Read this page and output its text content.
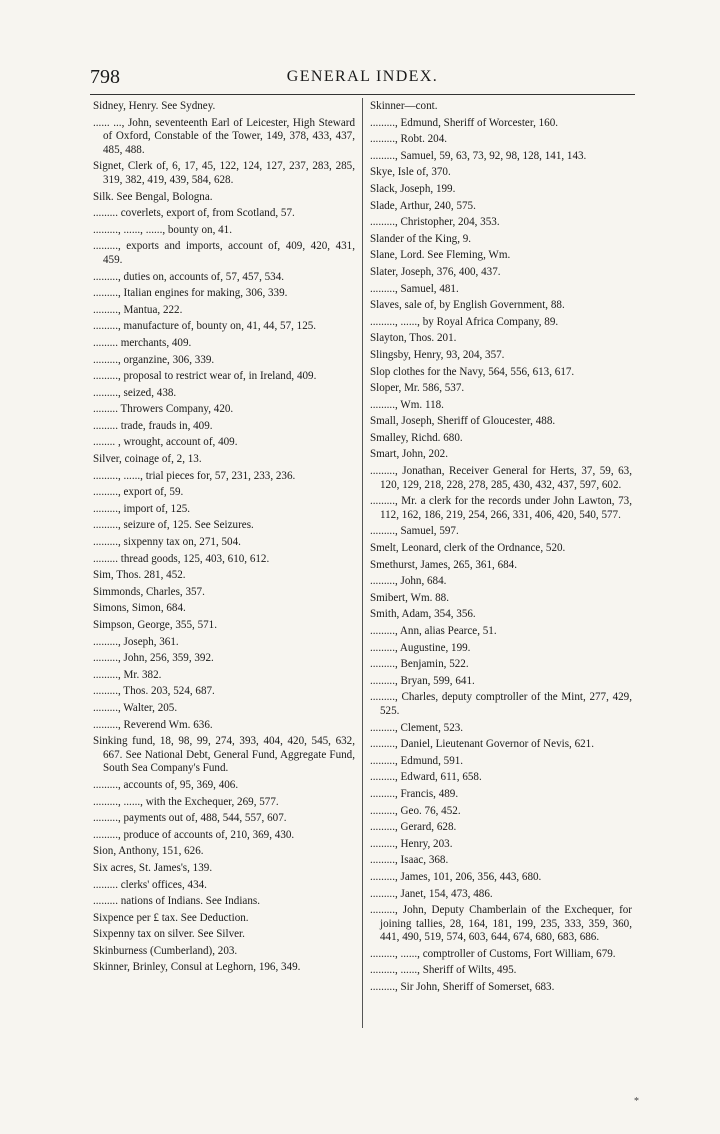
798	GENERAL INDEX.
Sidney, Henry. See Sydney.
...... ..., John, seventeenth Earl of Leicester, High Steward of Oxford, Constable of the Tower, 149, 378, 433, 437, 485, 488.
Signet, Clerk of, 6, 17, 45, 122, 124, 127, 237, 283, 285, 319, 382, 419, 439, 584, 628.
Silk. See Bengal, Bologna.
......... coverlets, export of, from Scotland, 57.
........., ......, ......, bounty on, 41.
........., exports and imports, account of, 409, 420, 431, 459.
........., duties on, accounts of, 57, 457, 534.
........., Italian engines for making, 306, 339.
........., Mantua, 222.
........., manufacture of, bounty on, 41, 44, 57, 125.
......... merchants, 409.
........., organzine, 306, 339.
........., proposal to restrict wear of, in Ireland, 409.
........., seized, 438.
......... Throwers Company, 420.
......... trade, frauds in, 409.
........ , wrought, account of, 409.
Silver, coinage of, 2, 13.
........., ......, trial pieces for, 57, 231, 233, 236.
........., export of, 59.
........., import of, 125.
........., seizure of, 125. See Seizures.
........., sixpenny tax on, 271, 504.
......... thread goods, 125, 403, 610, 612.
Sim, Thos. 281, 452.
Simmonds, Charles, 357.
Simons, Simon, 684.
Simpson, George, 355, 571.
........., Joseph, 361.
........., John, 256, 359, 392.
........., Mr. 382.
........., Thos. 203, 524, 687.
........., Walter, 205.
........., Reverend Wm. 636.
Sinking fund, 18, 98, 99, 274, 393, 404, 420, 545, 632, 667. See National Debt, General Fund, Aggregate Fund, South Sea Company's Fund.
........., accounts of, 95, 369, 406.
........., ......, with the Exchequer, 269, 577.
........., payments out of, 488, 544, 557, 607.
........., produce of accounts of, 210, 369, 430.
Sion, Anthony, 151, 626.
Six acres, St. James's, 139.
......... clerks' offices, 434.
......... nations of Indians. See Indians.
Sixpence per £ tax. See Deduction.
Sixpenny tax on silver. See Silver.
Skinburness (Cumberland), 203.
Skinner, Brinley, Consul at Leghorn, 196, 349.
Skinner—cont.
........., Edmund, Sheriff of Worcester, 160.
........., Robt. 204.
........., Samuel, 59, 63, 73, 92, 98, 128, 141, 143.
Skye, Isle of, 370.
Slack, Joseph, 199.
Slade, Arthur, 240, 575.
........., Christopher, 204, 353.
Slander of the King, 9.
Slane, Lord. See Fleming, Wm.
Slater, Joseph, 376, 400, 437.
........., Samuel, 481.
Slaves, sale of, by English Government, 88.
........., ......, by Royal Africa Company, 89.
Slayton, Thos. 201.
Slingsby, Henry, 93, 204, 357.
Slop clothes for the Navy, 564, 556, 613, 617.
Sloper, Mr. 586, 537.
........., Wm. 118.
Small, Joseph, Sheriff of Gloucester, 488.
Smalley, Richd. 680.
Smart, John, 202.
........., Jonathan, Receiver General for Herts, 37, 59, 63, 120, 129, 218, 228, 278, 285, 430, 432, 437, 597, 602.
........., Mr. a clerk for the records under John Lawton, 73, 112, 162, 186, 219, 254, 266, 331, 406, 420, 540, 577.
........., Samuel, 597.
Smelt, Leonard, clerk of the Ordnance, 520.
Smethurst, James, 265, 361, 684.
........., John, 684.
Smibert, Wm. 88.
Smith, Adam, 354, 356.
........., Ann, alias Pearce, 51.
........., Augustine, 199.
........., Benjamin, 522.
........., Bryan, 599, 641.
........., Charles, deputy comptroller of the Mint, 277, 429, 525.
........., Clement, 523.
........., Daniel, Lieutenant Governor of Nevis, 621.
........., Edmund, 591.
........., Edward, 611, 658.
........., Francis, 489.
........., Geo. 76, 452.
........., Gerard, 628.
........., Henry, 203.
........., Isaac, 368.
........., James, 101, 206, 356, 443, 680.
........., Janet, 154, 473, 486.
........., John, Deputy Chamberlain of the Exchequer, for joining tallies, 28, 164, 181, 199, 235, 333, 359, 360, 441, 490, 519, 574, 603, 644, 674, 680, 683, 686.
........., ......, comptroller of Customs, Fort William, 679.
........., ......, Sheriff of Wilts, 495.
........., Sir John, Sheriff of Somerset, 683.
*
